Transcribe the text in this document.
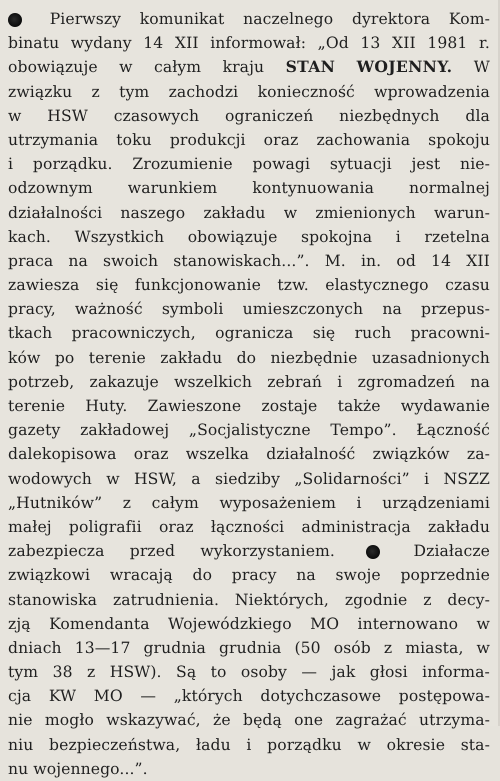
Pierwszy komunikat naczelnego dyrektora Kom-
binatu wydany 14 XII informował: „Od 13 XII 1981 r.
obowiązuje w całym kraju STAN WOJENNY. W
związku z tym zachodzi konieczność wprowadzenia
w HSW czasowych ograniczeń niezbędnych dla
utrzymania toku produkcji oraz zachowania spokoju
i porządku. Zrozumienie powagi sytuacji jest nie-
odzownym warunkiem kontynuowania normalnej
działalności naszego zakładu w zmienionych warun-
kach. Wszystkich obowiązuje spokojna i rzetelna
praca na swoich stanowiskach...”. M. in. od 14 XII
zawiesza się funkcjonowanie tzw. elastycznego czasu
pracy, ważność symboli umieszczonych na przepus-
tkach pracowniczych, ogranicza się ruch pracowni-
ków po terenie zakładu do niezbędnie uzasadnionych
potrzeb, zakazuje wszelkich zebrań i zgromadzeń na
terenie Huty. Zawieszone zostaje także wydawanie
gazety zakładowej „Socjalistyczne Tempo”. Łączność
dalekopisowa oraz wszelka działalność związków za-
wodowych w HSW, a siedziby „Solidarności” i NSZZ
„Hutników” z całym wyposażeniem i urządzeniami
małej poligrafii oraz łączności administracja zakładu
zabezpiecza przed wykorzystaniem.	Działacze
związkowi wracają do pracy na swoje poprzednie
stanowiska zatrudnienia. Niektórych, zgodnie z decy-
zją Komendanta Wojewódzkiego MO internowano w
dniach 13—17 grudnia grudnia (50 osób z miasta, w
tym 38 z HSW). Są to osoby — jak głosi informa-
cja KW MO — „których dotychczasowe postępowa-
nie mogło wskazywać, że będą one zagrażać utrzyma-
niu bezpieczeństwa, ładu i porządku w okresie sta-
nu wojennego...”.
